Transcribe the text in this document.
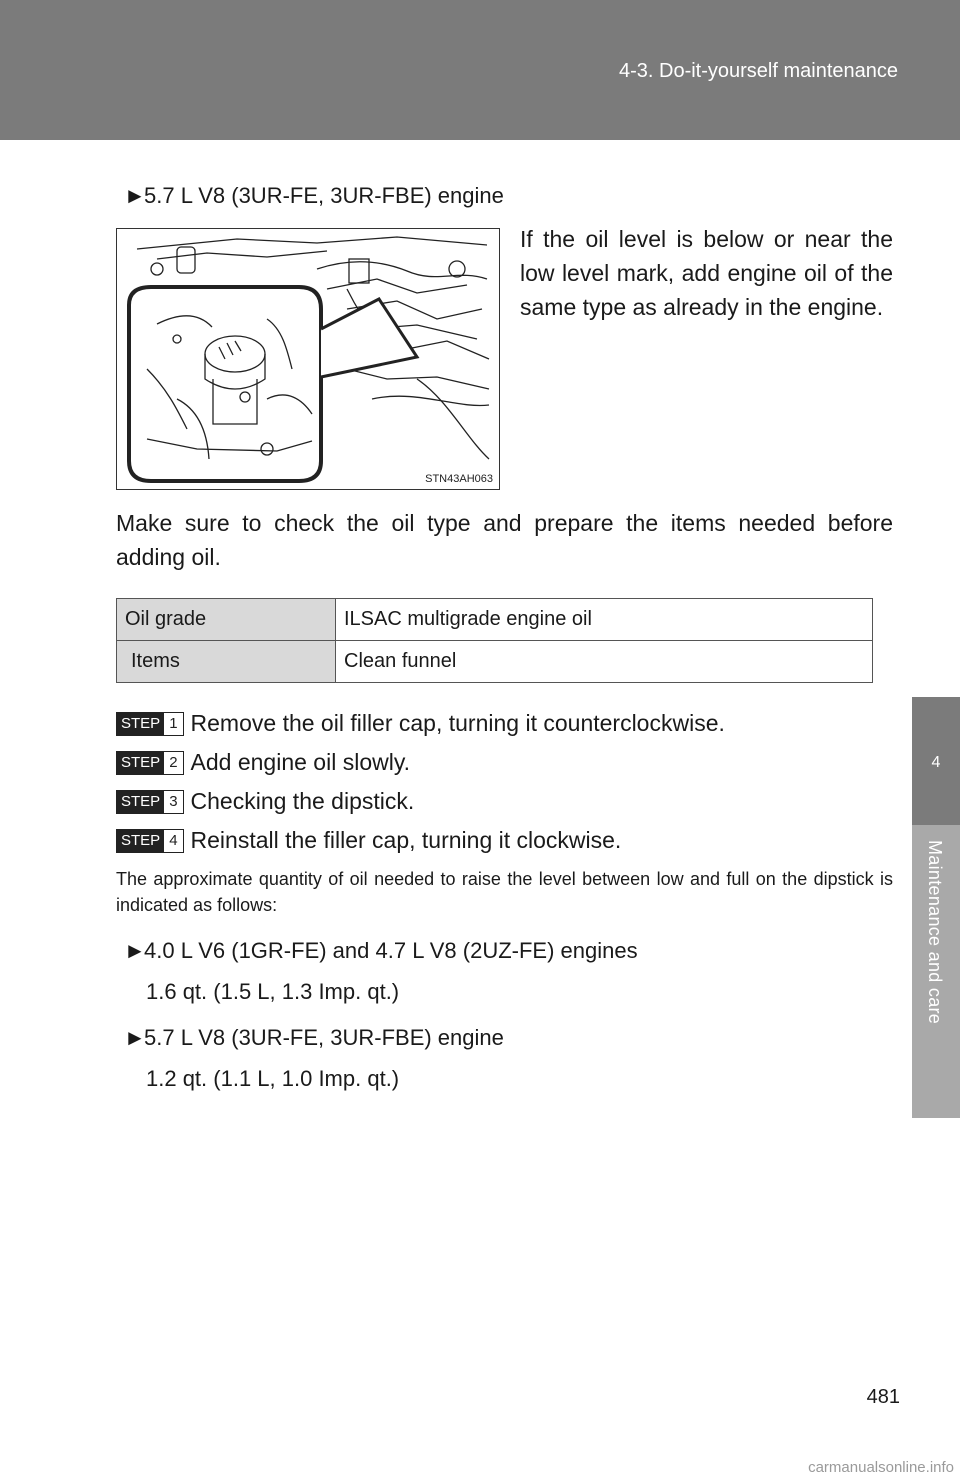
4-3. Do-it-yourself maintenance
4
Maintenance and care
►5.7 L V8 (3UR-FE, 3UR-FBE) engine
STN43AH063
If the oil level is below or near the low level mark, add engine oil of the same type as already in the engine.
Make sure to check the oil type and prepare the items needed before adding oil.
Oil grade	ILSAC multigrade engine oil
Items	Clean funnel
STEP 1 Remove the oil filler cap, turning it counterclockwise.
STEP 2 Add engine oil slowly.
STEP 3 Checking the dipstick.
STEP 4 Reinstall the filler cap, turning it clockwise.
The approximate quantity of oil needed to raise the level between low and full on the dipstick is indicated as follows:
►4.0 L V6 (1GR-FE) and 4.7 L V8 (2UZ-FE) engines
1.6 qt. (1.5 L, 1.3 Imp. qt.)
►5.7 L V8 (3UR-FE, 3UR-FBE) engine
1.2 qt. (1.1 L, 1.0 Imp. qt.)
481
carmanualsonline.info
